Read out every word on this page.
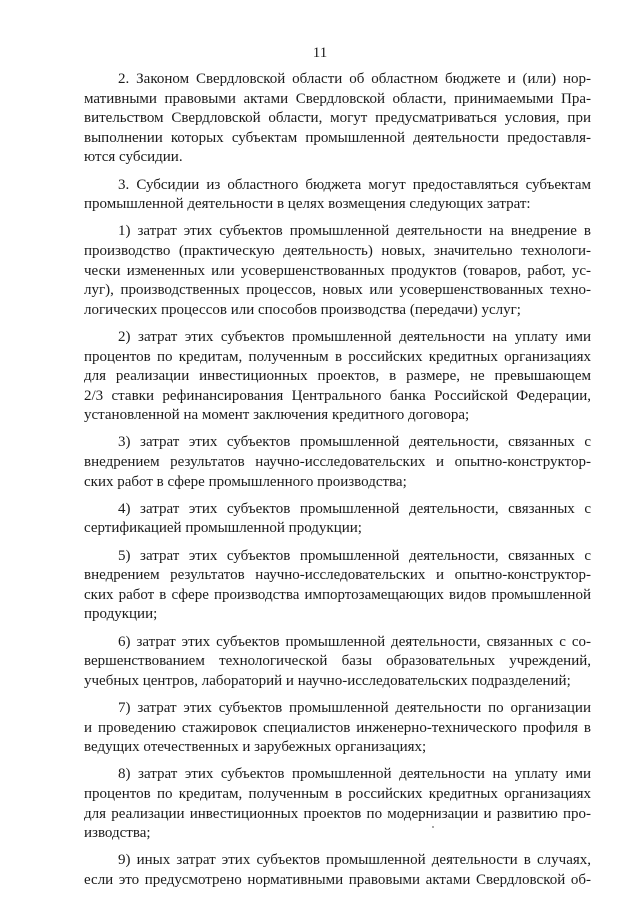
11
2. Законом Свердловской области об областном бюджете и (или) нор-
мативными правовыми актами Свердловской области, принимаемыми Пра-
вительством Свердловской области, могут предусматриваться условия, при
выполнении которых субъектам промышленной деятельности предоставля-
ются субсидии.
3. Субсидии из областного бюджета могут предоставляться субъектам
промышленной деятельности в целях возмещения следующих затрат:
1) затрат этих субъектов промышленной деятельности на внедрение в
производство (практическую деятельность) новых, значительно технологи-
чески измененных или усовершенствованных продуктов (товаров, работ, ус-
луг), производственных процессов, новых или усовершенствованных техно-
логических процессов или способов производства (передачи) услуг;
2) затрат этих субъектов промышленной деятельности на уплату ими
процентов по кредитам, полученным в российских кредитных организациях
для реализации инвестиционных проектов, в размере, не превышающем
2/3 ставки рефинансирования Центрального банка Российской Федерации,
установленной на момент заключения кредитного договора;
3) затрат этих субъектов промышленной деятельности, связанных с
внедрением результатов научно-исследовательских и опытно-конструктор-
ских работ в сфере промышленного производства;
4) затрат этих субъектов промышленной деятельности, связанных с
сертификацией промышленной продукции;
5) затрат этих субъектов промышленной деятельности, связанных с
внедрением результатов научно-исследовательских и опытно-конструктор-
ских работ в сфере производства импортозамещающих видов промышленной
продукции;
6) затрат этих субъектов промышленной деятельности, связанных с со-
вершенствованием технологической базы образовательных учреждений,
учебных центров, лабораторий и научно-исследовательских подразделений;
7) затрат этих субъектов промышленной деятельности по организации
и проведению стажировок специалистов инженерно-технического профиля в
ведущих отечественных и зарубежных организациях;
8) затрат этих субъектов промышленной деятельности на уплату ими
процентов по кредитам, полученным в российских кредитных организациях
для реализации инвестиционных проектов по модернизации и развитию про-
изводства;
9) иных затрат этих субъектов промышленной деятельности в случаях,
если это предусмотрено нормативными правовыми актами Свердловской об-
